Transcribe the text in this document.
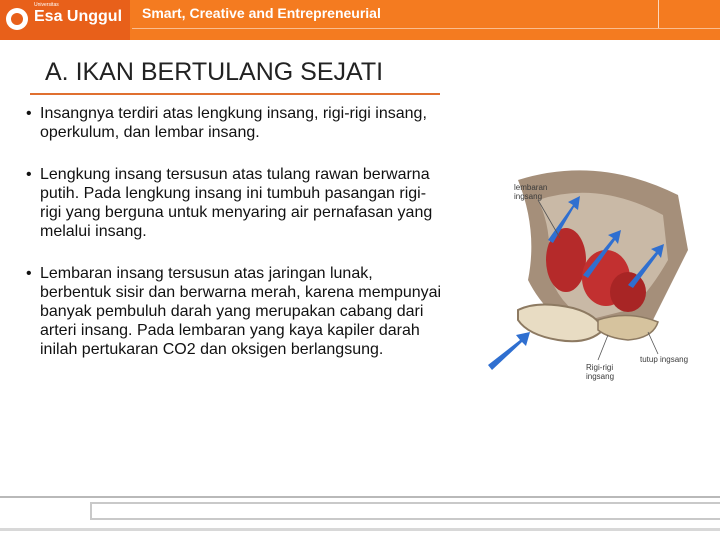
Universitas
Esa Unggul Smart, Creative and Entrepreneurial
A. IKAN BERTULANG SEJATI
• Insangnya terdiri atas lengkung insang, rigi-rigi insang, operkulum, dan lembar insang.
• Lengkung insang tersusun atas tulang rawan berwarna putih. Pada lengkung insang ini tumbuh pasangan rigi-rigi yang berguna untuk menyaring air pernafasan yang melalui insang.
• Lembaran insang tersusun atas jaringan lunak, berbentuk sisir dan berwarna merah, karena mempunyai banyak pembuluh darah yang merupakan cabang dari arteri insang. Pada lembaran yang kaya kapiler darah inilah pertukaran CO2 dan oksigen berlangsung.
lembaran ingsang
Rigi-rigi ingsang
tutup ingsang
